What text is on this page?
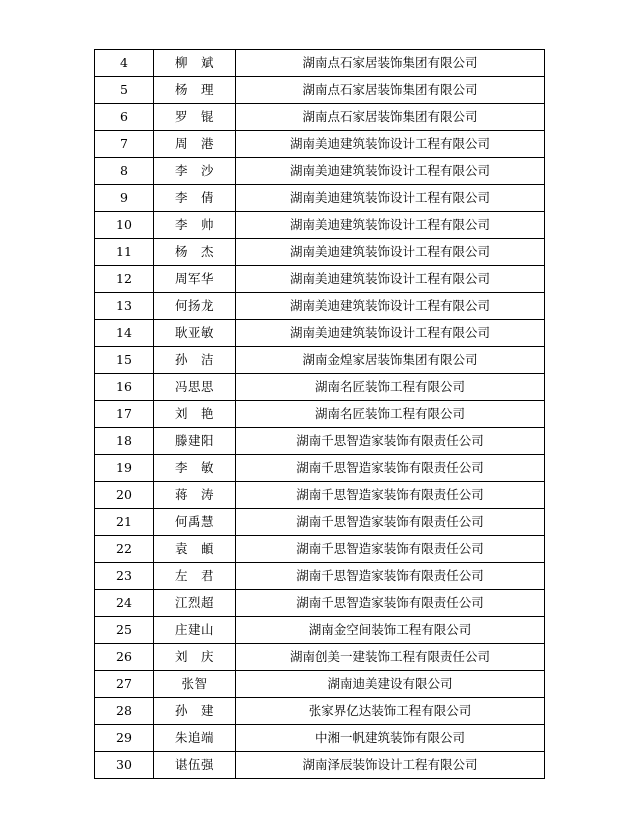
4	柳　斌	湖南点石家居装饰集团有限公司
5	杨　理	湖南点石家居装饰集团有限公司
6	罗　锟	湖南点石家居装饰集团有限公司
7	周　港	湖南美迪建筑装饰设计工程有限公司
8	李　沙	湖南美迪建筑装饰设计工程有限公司
9	李　倩	湖南美迪建筑装饰设计工程有限公司
10	李　帅	湖南美迪建筑装饰设计工程有限公司
11	杨　杰	湖南美迪建筑装饰设计工程有限公司
12	周军华	湖南美迪建筑装饰设计工程有限公司
13	何扬龙	湖南美迪建筑装饰设计工程有限公司
14	耿亚敏	湖南美迪建筑装饰设计工程有限公司
15	孙　洁	湖南金煌家居装饰集团有限公司
16	冯思思	湖南名匠装饰工程有限公司
17	刘　艳	湖南名匠装饰工程有限公司
18	滕建阳	湖南千思智造家装饰有限责任公司
19	李　敏	湖南千思智造家装饰有限责任公司
20	蒋　涛	湖南千思智造家装饰有限责任公司
21	何禹慧	湖南千思智造家装饰有限责任公司
22	袁　頔	湖南千思智造家装饰有限责任公司
23	左　君	湖南千思智造家装饰有限责任公司
24	江烈超	湖南千思智造家装饰有限责任公司
25	庄建山	湖南金空间装饰工程有限公司
26	刘　庆	湖南创美一建装饰工程有限责任公司
27	张智	湖南迪美建设有限公司
28	孙　建	张家界亿达装饰工程有限公司
29	朱追端	中湘一帆建筑装饰有限公司
30	谌伍强	湖南泽辰装饰设计工程有限公司
